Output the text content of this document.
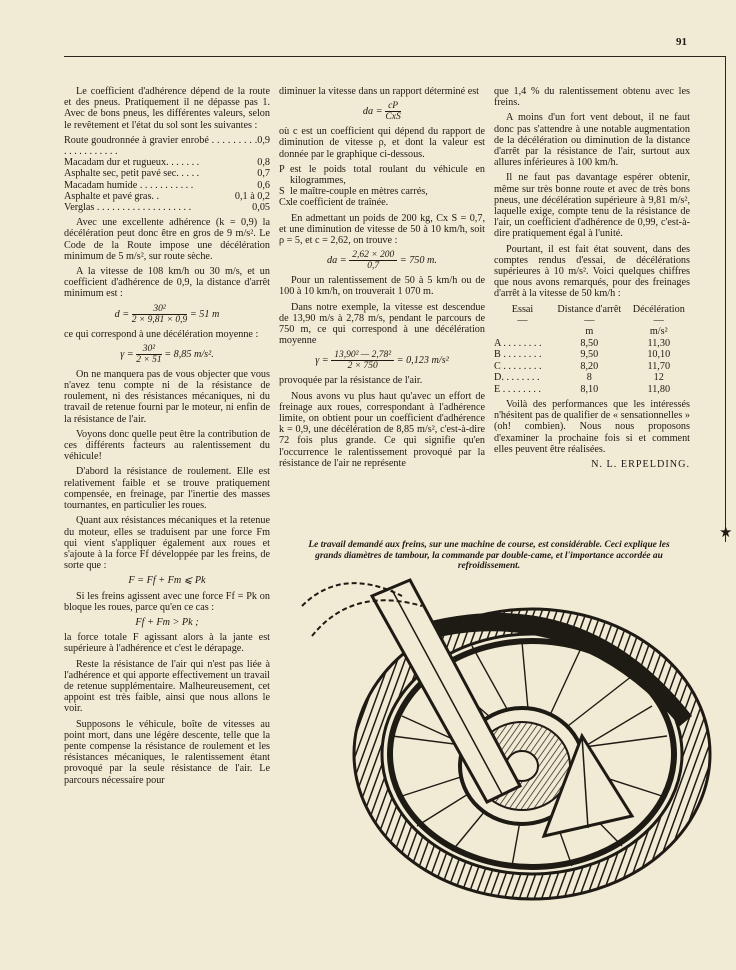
91
★

Le coefficient d'adhérence dépend de la route et des pneus. Pratiquement il ne dépasse pas 1. Avec de bons pneus, les différentes valeurs, selon le revêtement et l'état du sol sont les suivantes :

Route goudronnée à gravier enrobé . . . . . . . . . . . . . . . . . . . .
0,9
Macadam dur et rugueux. . . . . . .	0,8
Asphalte sec, petit pavé sec. . . . .	0,7
Macadam humide . . . . . . . . . . .	0,6
Asphalte et pavé gras. .	0,1 à 0,2
Verglas . . . . . . . . . . . . . . . . . . .	0,05

Avec une excellente adhérence (k = 0,9) la décélération peut donc être en gros de 9 m/s². Le Code de la Route impose une décélération minimum de 5 m/s², sur route sèche.

A la vitesse de 108 km/h ou 30 m/s, et un coefficient d'adhérence de 0,9, la distance d'arrêt minimum est :

$d = \frac{\text{30²}}{2 \times 9,81 \times 0,9} = 51$ m

ce qui correspond à une décélération moyenne :

$\gamma = \frac{\text{30²}}{2 \times 51} = 8,85$ m/s².

On ne manquera pas de vous objecter que vous n'avez tenu compte ni de la résistance de roulement, ni des résistances mécaniques, ni du travail de retenue fourni par le moteur, ni enfin de la résistance de l'air.

Voyons donc quelle peut être la contribution de ces différents facteurs au ralentissement du véhicule!

D'abord la résistance de roulement. Elle est relativement faible et se trouve pratiquement compensée, en freinage, par l'inertie des masses tournantes, en particulier les roues.

Quant aux résistances mécaniques et la retenue du moteur, elles se traduisent par une force Fm qui vient s'appliquer également aux roues et s'ajoute à la force Ff développée par les freins, de sorte que :

F = Ff + Fm ⩽ Pk

Si les freins agissent avec une force Ff = Pk on bloque les roues, parce qu'en ce cas :

Ff + Fm > Pk ;

la force totale F agissant alors à la jante est supérieure à l'adhérence et c'est le dérapage.

Reste la résistance de l'air qui n'est pas liée à l'adhérence et qui apporte effectivement un travail de retenue supplémentaire. Malheureusement, cet appoint est très faible, ainsi que nous allons le voir.

Supposons le véhicule, boîte de vitesses au point mort, dans une légère descente, telle que la pente compense la résistance de roulement et les résistances mécaniques, le ralentissement étant provoqué par la seule résistance de l'air. Le parcours nécessaire pour

diminuer la vitesse dans un rapport déterminé est

da = $\frac{cP}{\text{CxS}}$

où c est un coefficient qui dépend du rapport de diminution de vitesse ρ, et dont la valeur est donnée par le graphique ci-dessous.

P est le poids total roulant du véhicule en kilogrammes,
S le maître-couple en mètres carrés,
Cx le coefficient de traînée.

En admettant un poids de 200 kg, Cx S = 0,7, et une diminution de vitesse de 50 à 10 km/h, soit ρ = 5, et c = 2,62, on trouve :

da = $\frac{2,62 \times 200}{0,7} = 750$ m.

Pour un ralentissement de 50 à 5 km/h ou de 100 à 10 km/h, on trouverait 1 070 m.

Dans notre exemple, la vitesse est descendue de 13,90 m/s à 2,78 m/s, pendant le parcours de 750 m, ce qui correspond à une décélération moyenne

$\gamma = \frac{\text{13,90² — 2,78²}}{2 \times 750} = 0,123$ m/s²

provoquée par la résistance de l'air.

Nous avons vu plus haut qu'avec un effort de freinage aux roues, correspondant à l'adhérence limite, on obtient pour un coefficient d'adhérence k = 0,9, une décélération de 8,85 m/s², c'est-à-dire 72 fois plus grande. Ce qui signifie qu'en l'occurrence le ralentissement provoqué par la résistance de l'air ne représente

que 1,4 % du ralentissement obtenu avec les freins.

A moins d'un fort vent debout, il ne faut donc pas s'attendre à une notable augmentation de la décélération ou diminution de la distance d'arrêt par la résistance de l'air, surtout aux allures inférieures à 100 km/h.

Il ne faut pas davantage espérer obtenir, même sur très bonne route et avec de très bons pneus, une décélération supérieure à 9,81 m/s², laquelle exige, compte tenu de la résistance de l'air, un coefficient d'adhérence de 0,99, c'est-à-dire pratiquement égal à l'unité.

Pourtant, il est fait état souvent, dans des comptes rendus d'essai, de décélérations supérieures à 10 m/s². Voici quelques chiffres que nous avons remarqués, pour des freinages d'arrêt à la vitesse de 50 km/h :

Essai	Distance d'arrêt	Décélération
—	—	—
	m	m/s²
A . . . . . . . .	8,50	11,30
B . . . . . . . .	9,50	10,10
C . . . . . . . .	8,20	11,70
D. . . . . . . .	8	12
E . . . . . . . .	8,10	11,80

Voilà des performances que les intéressés n'hésitent pas de qualifier de « sensationnelles » (oh! combien). Nous nous proposons d'examiner la prochaine fois si et comment elles peuvent être réalisées.

N. L. ERPELDING.
Le travail demandé aux freins, sur une machine de course, est considérable. Ceci explique les grands diamètres de tambour, la commande par double-came, et l'importance accordée au refroidissement.
